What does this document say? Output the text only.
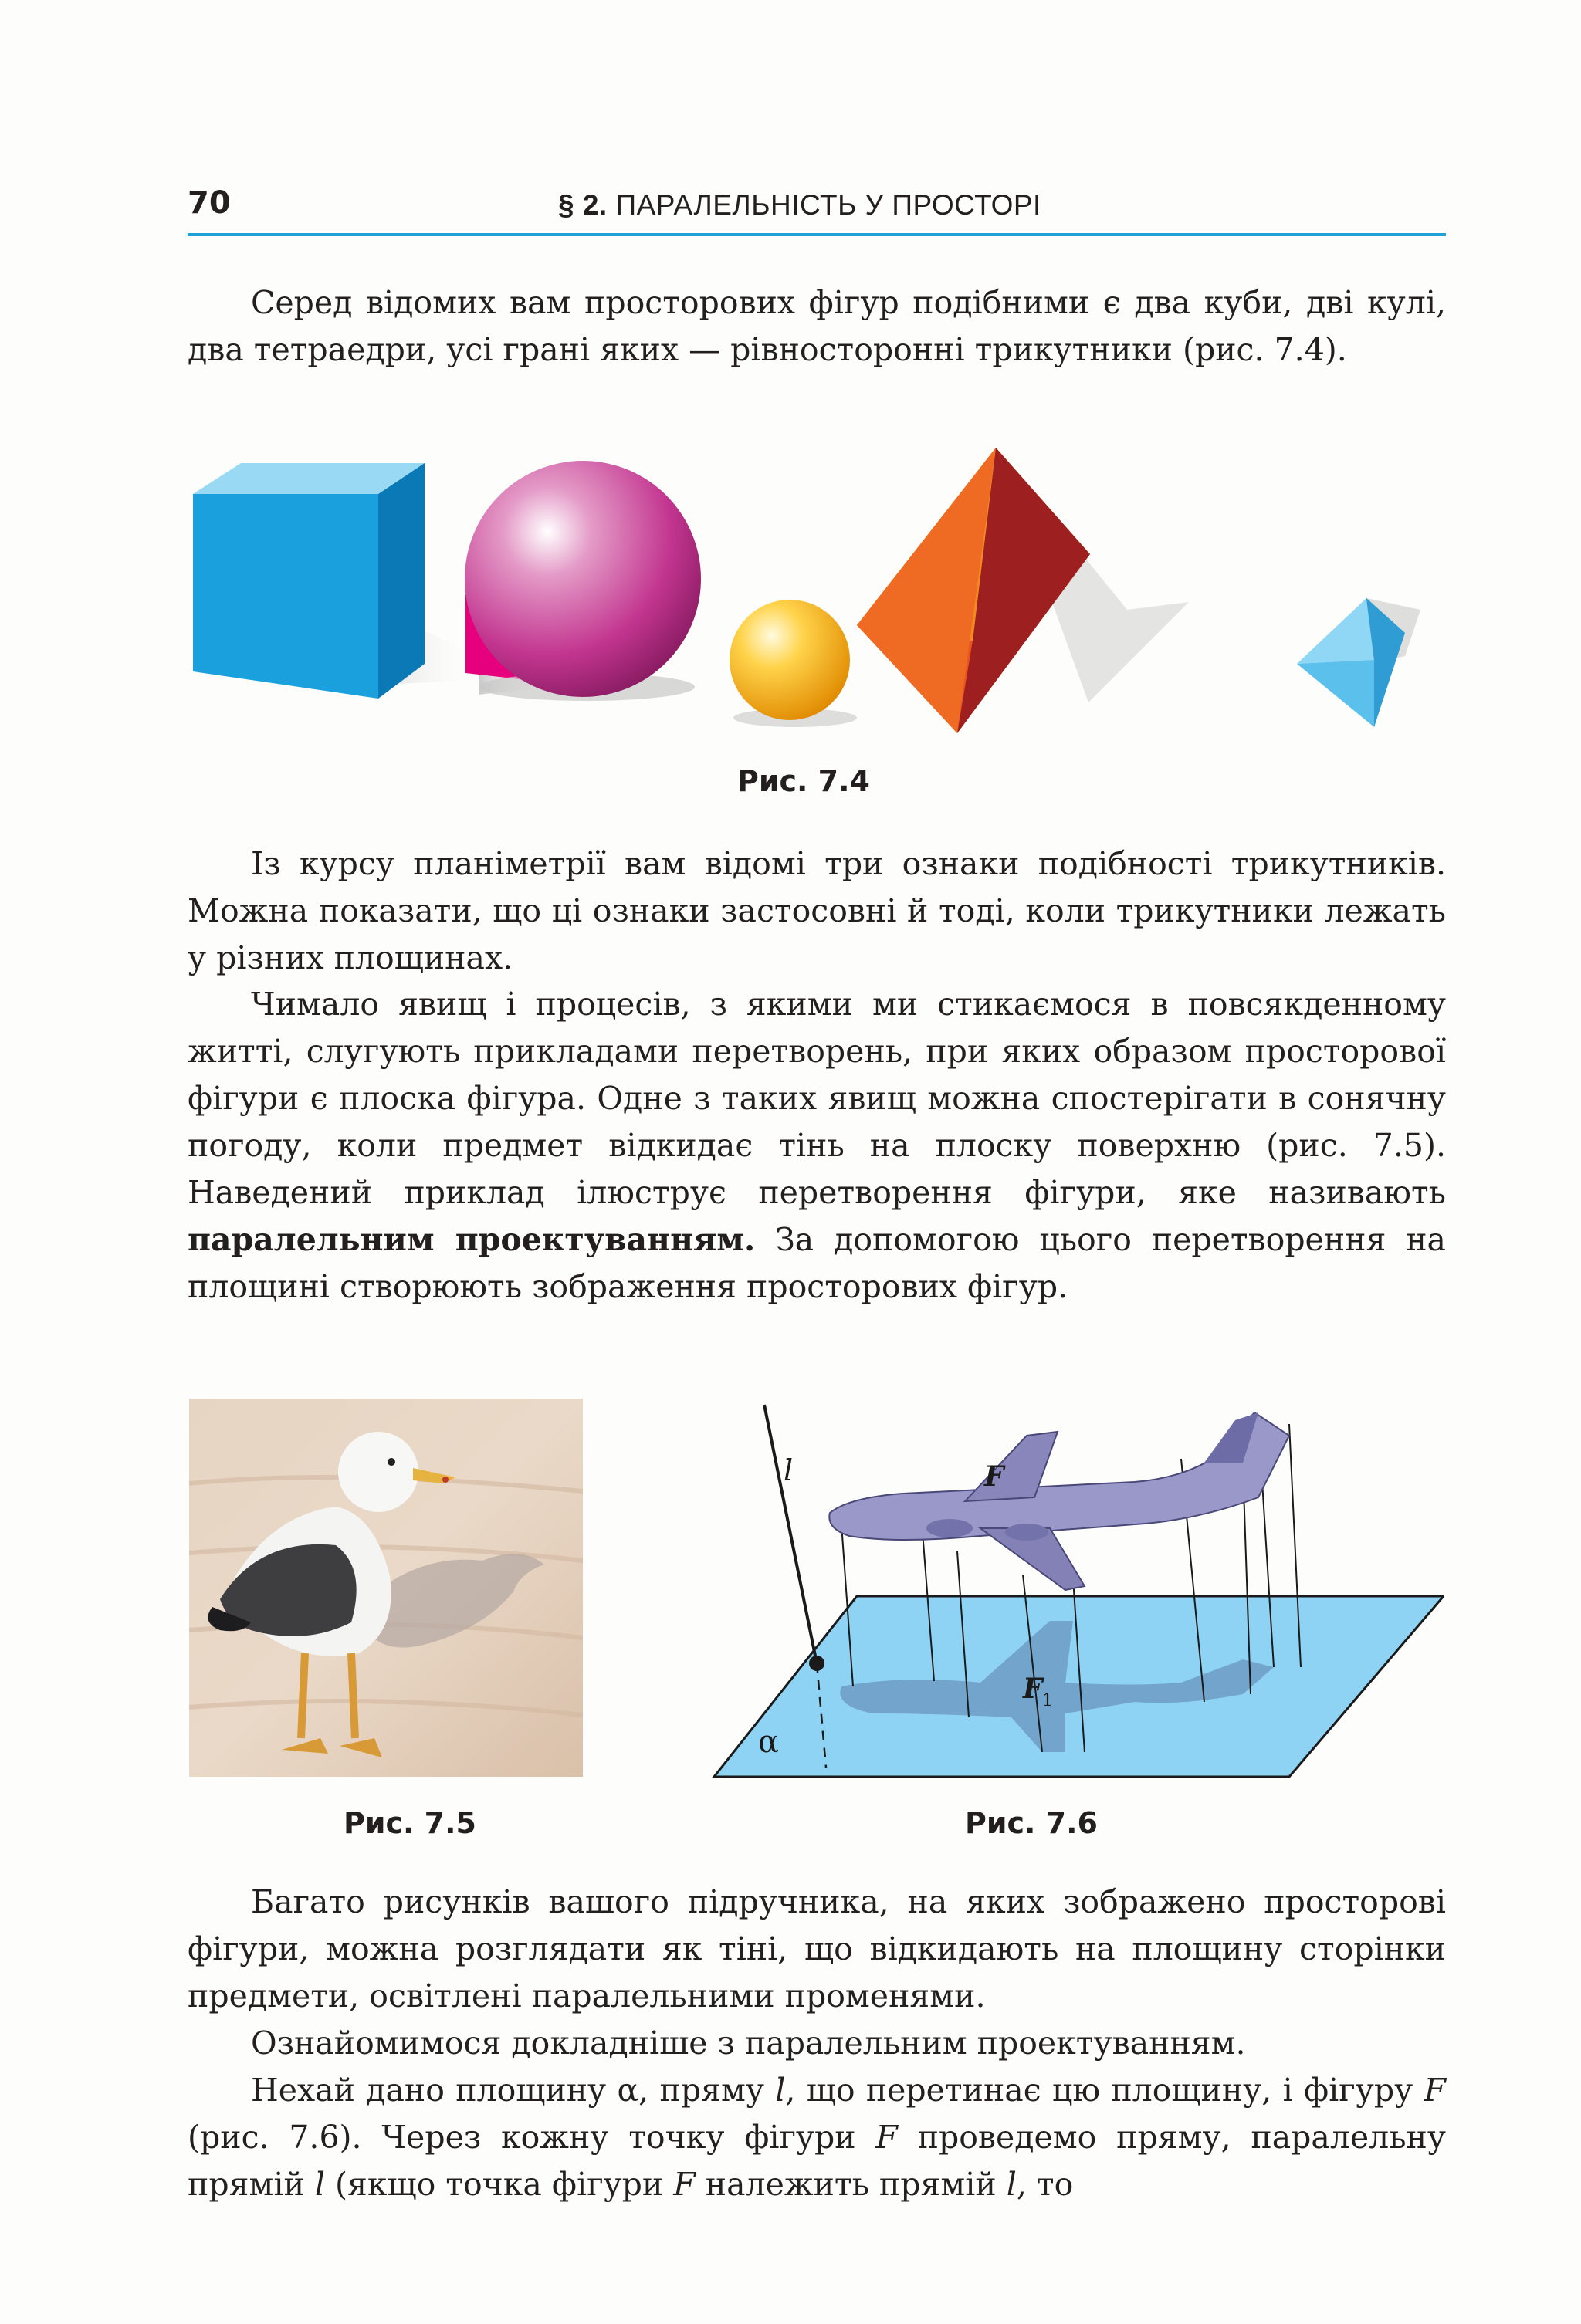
70	§ 2. ПАРАЛЕЛЬНІСТЬ У ПРОСТОРІ

Серед відомих вам просторових фігур подібними є два куби, дві кулі, два тетраедри, усі грані яких — рівносторонні трикутники (рис. 7.4).

Рис. 7.4

Із курсу планіметрії вам відомі три ознаки подібності трикутників. Можна показати, що ці ознаки застосовні й тоді, коли трикутники лежать у різних площинах.

Чимало явищ і процесів, з якими ми стикаємося в повсякденному житті, слугують прикладами перетворень, при яких образом просторової фігури є плоска фігура. Одне з таких явищ можна спостерігати в сонячну погоду, коли предмет відкидає тінь на плоску поверхню (рис. 7.5). Наведений приклад ілюструє перетворення фігури, яке називають паралельним проектуванням. За допомогою цього перетворення на площині створюють зображення просторових фігур.

Рис. 7.5
l	F
F 1
α
Рис. 7.6

Багато рисунків вашого підручника, на яких зображено просторові фігури, можна розглядати як тіні, що відкидають на площину сторінки предмети, освітлені паралельними променями.

Ознайомимося докладніше з паралельним проектуванням.

Нехай дано площину α, пряму l, що перетинає цю площину, і фігуру F (рис. 7.6). Через кожну точку фігури F проведемо пряму, паралельну прямій l (якщо точка фігури F належить прямій l, то
